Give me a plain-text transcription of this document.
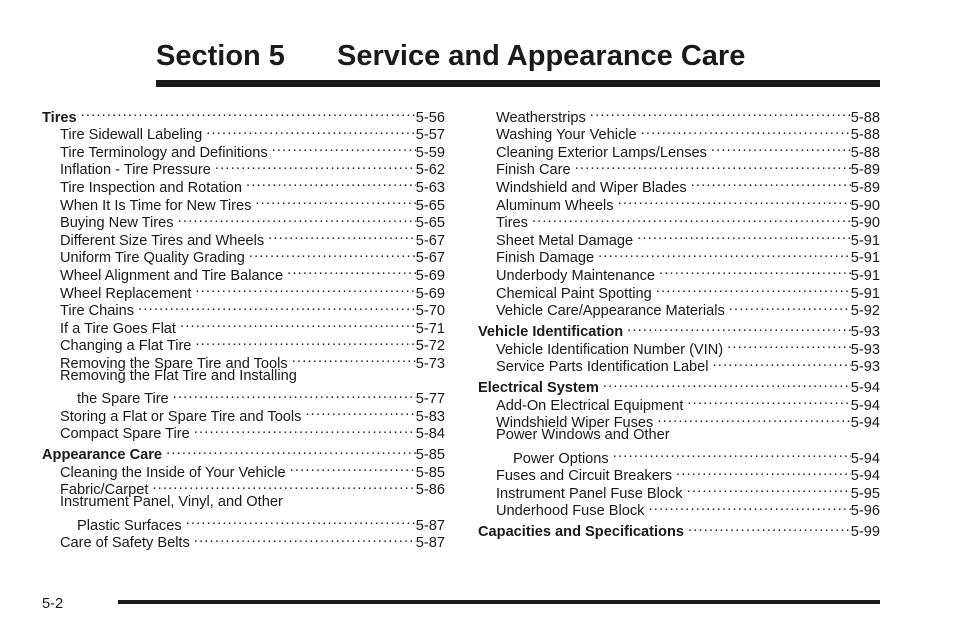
Section 5	Service and Appearance Care
Tires .....	5-56
Tire Sidewall Labeling .....	5-57
Tire Terminology and Definitions .....	5-59
Inflation - Tire Pressure .....	5-62
Tire Inspection and Rotation .....	5-63
When It Is Time for New Tires .....	5-65
Buying New Tires .....	5-65
Different Size Tires and Wheels .....	5-67
Uniform Tire Quality Grading .....	5-67
Wheel Alignment and Tire Balance .....	5-69
Wheel Replacement .....	5-69
Tire Chains .....	5-70
If a Tire Goes Flat .....	5-71
Changing a Flat Tire .....	5-72
Removing the Spare Tire and Tools .....	5-73
Removing the Flat Tire and Installing
the Spare Tire .....	5-77
Storing a Flat or Spare Tire and Tools .....	5-83
Compact Spare Tire .....	5-84
Appearance Care .....	5-85
Cleaning the Inside of Your Vehicle .....	5-85
Fabric/Carpet .....	5-86
Instrument Panel, Vinyl, and Other
Plastic Surfaces .....	5-87
Care of Safety Belts .....	5-87
Weatherstrips .....	5-88
Washing Your Vehicle .....	5-88
Cleaning Exterior Lamps/Lenses .....	5-88
Finish Care .....	5-89
Windshield and Wiper Blades .....	5-89
Aluminum Wheels .....	5-90
Tires .....	5-90
Sheet Metal Damage .....	5-91
Finish Damage .....	5-91
Underbody Maintenance .....	5-91
Chemical Paint Spotting .....	5-91
Vehicle Care/Appearance Materials .....	5-92
Vehicle Identification .....	5-93
Vehicle Identification Number (VIN) .....	5-93
Service Parts Identification Label .....	5-93
Electrical System .....	5-94
Add-On Electrical Equipment .....	5-94
Windshield Wiper Fuses .....	5-94
Power Windows and Other
Power Options .....	5-94
Fuses and Circuit Breakers .....	5-94
Instrument Panel Fuse Block .....	5-95
Underhood Fuse Block .....	5-96
Capacities and Specifications .....	5-99

5-2
